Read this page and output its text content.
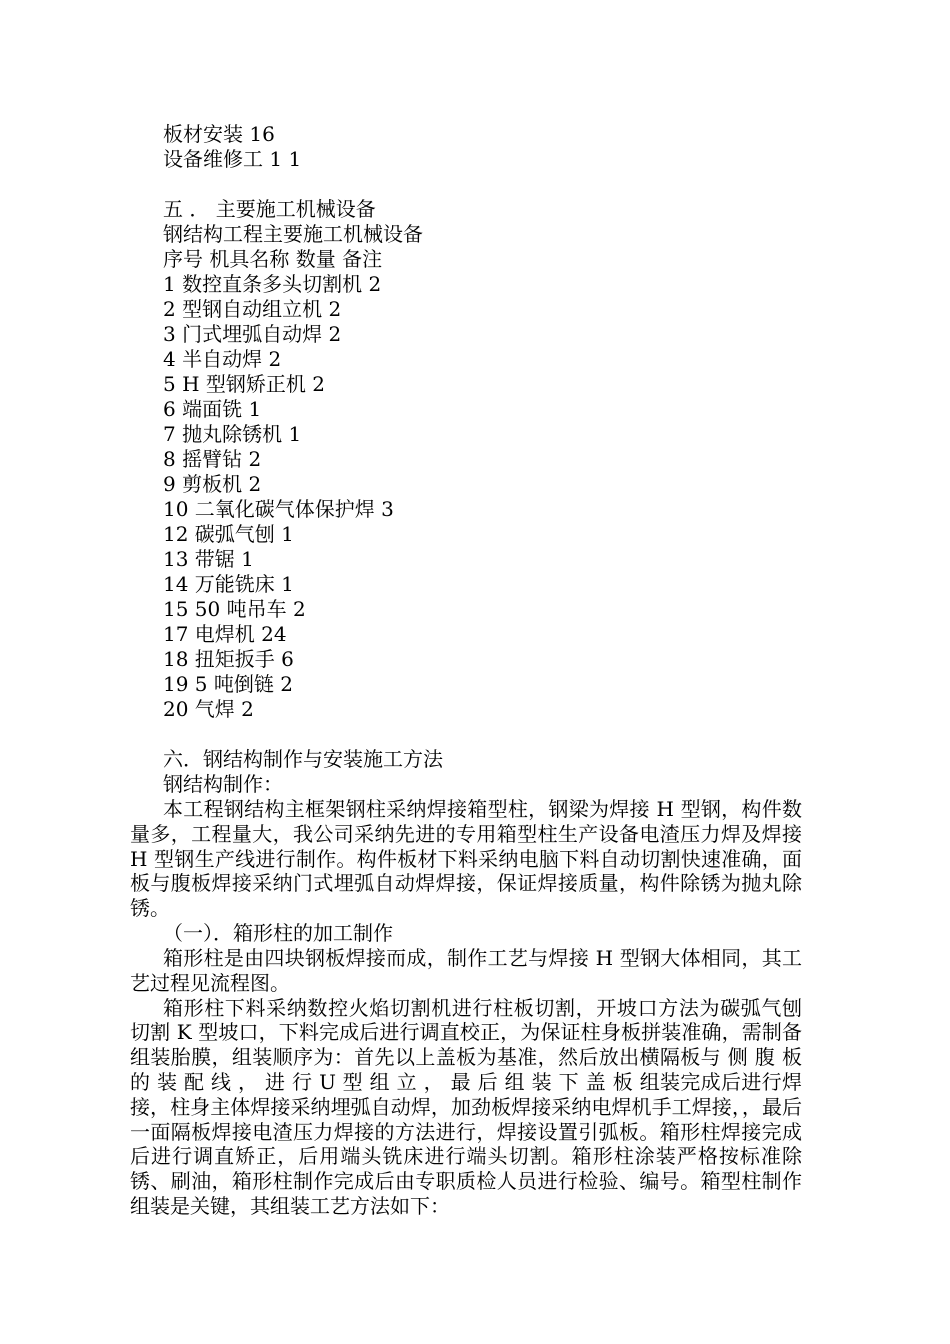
板材安装 16
设备维修工 1 1
五 ． 主要施工机械设备
钢结构工程主要施工机械设备
序号 机具名称 数量 备注
1 数控直条多头切割机 2
2 型钢自动组立机 2
3 门式埋弧自动焊 2
4 半自动焊 2
5 H 型钢矫正机 2
6 端面铣 1
7 抛丸除锈机 1
8 摇臂钻 2
9 剪板机 2
10 二氧化碳气体保护焊 3
12 碳弧气刨 1
13 带锯 1
14 万能铣床 1
15 50 吨吊车 2
17 电焊机 24
18 扭矩扳手 6
19 5 吨倒链 2
20 气焊 2
六．钢结构制作与安装施工方法
钢结构制作：
本工程钢结构主框架钢柱采纳焊接箱型柱，钢梁为焊接 H 型钢，构件数量多，工程量大，我公司采纳先进的专用箱型柱生产设备电渣压力焊及焊接 H 型钢生产线进行制作。构件板材下料采纳电脑下料自动切割快速准确，面板与腹板焊接采纳门式埋弧自动焊焊接，保证焊接质量，构件除锈为抛丸除锈。
（一）．箱形柱的加工制作
箱形柱是由四块钢板焊接而成，制作工艺与焊接 H 型钢大体相同，其工艺过程见流程图。
箱形柱下料采纳数控火焰切割机进行柱板切割，开坡口方法为碳弧气刨切割 K 型坡口，下料完成后进行调直校正，为保证柱身板拼装准确，需制备组装胎膜，组装顺序为：首先以上盖板为基准，然后放出横隔板与 侧 腹 板 的 装 配 线 ， 进 行 U 型 组 立 ， 最 后 组 装 下 盖 板 组装完成后进行焊接，柱身主体焊接采纳埋弧自动焊，加劲板焊接采纳电焊机手工焊接，，最后一面隔板焊接电渣压力焊接的方法进行，焊接设置引弧板。箱形柱焊接完成后进行调直矫正，后用端头铣床进行端头切割。箱形柱涂装严格按标准除锈、刷油，箱形柱制作完成后由专职质检人员进行检验、编号。箱型柱制作组装是关键，其组装工艺方法如下：
